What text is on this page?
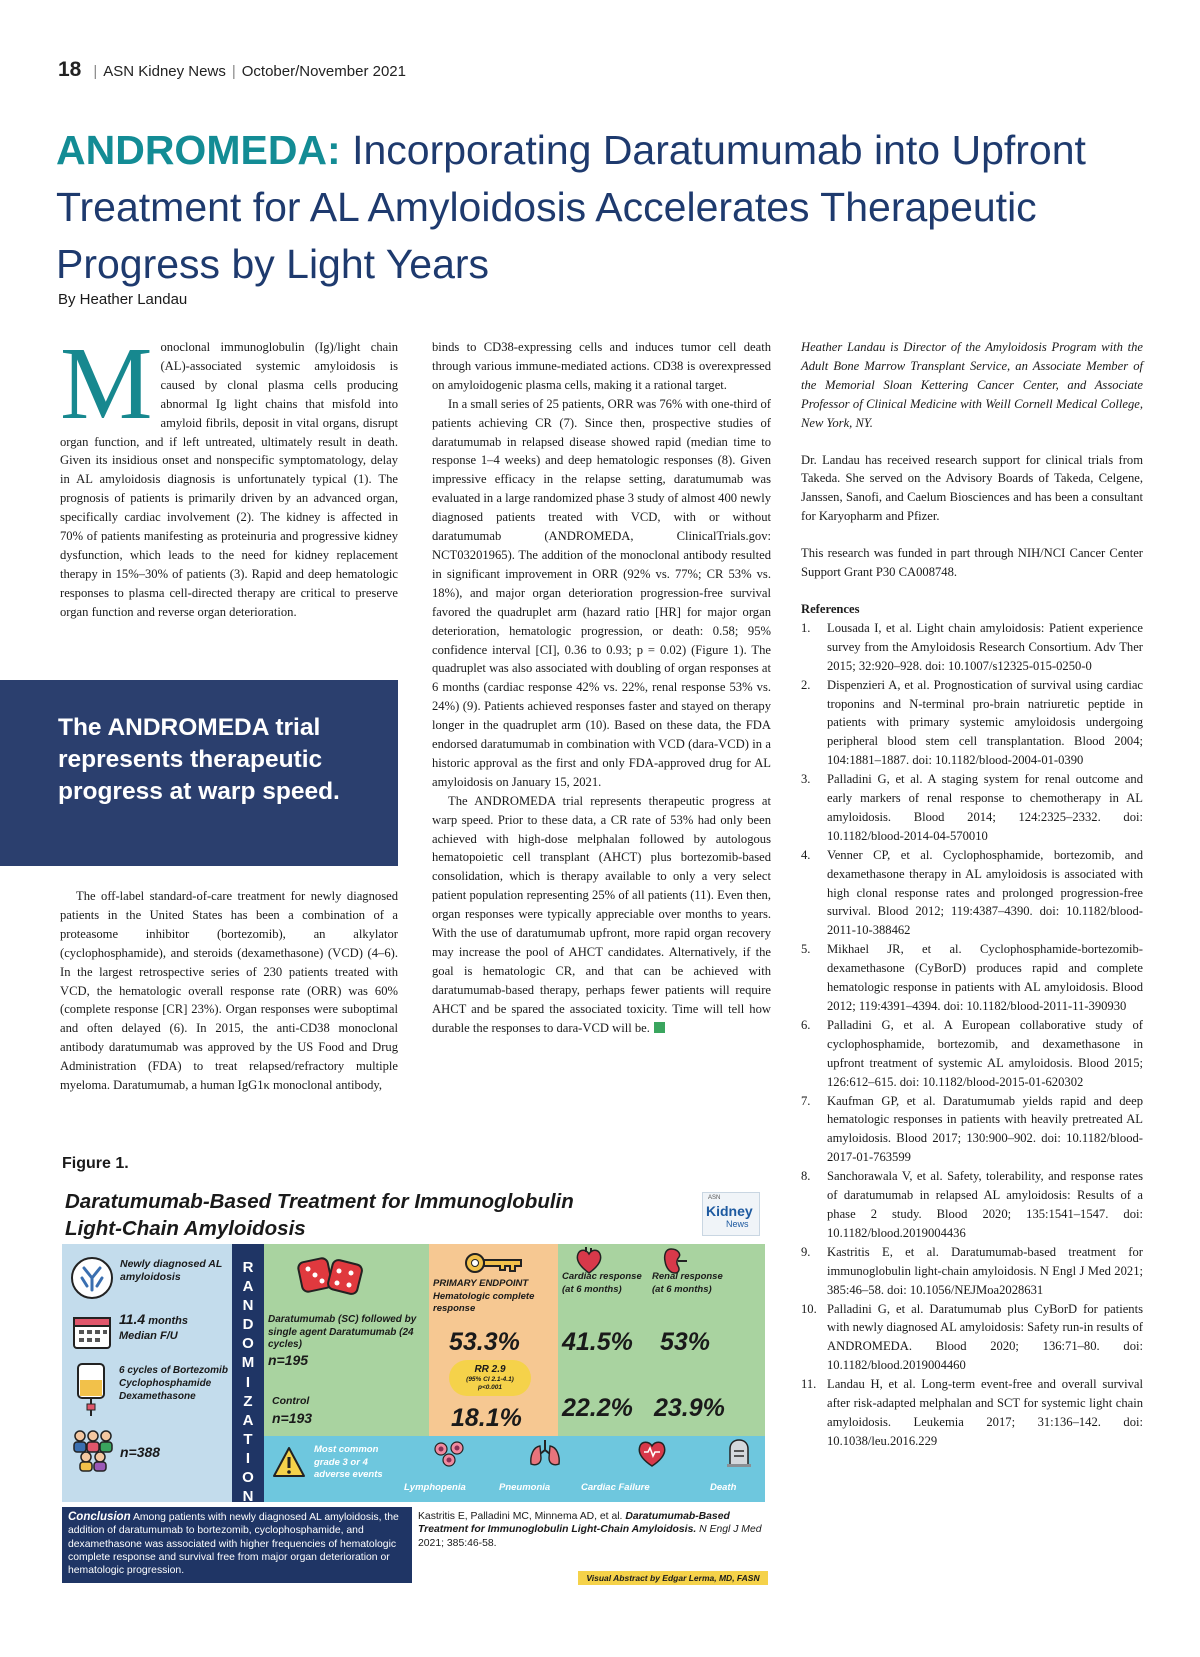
18 | ASN Kidney News | October/November 2021
ANDROMEDA: Incorporating Daratumumab into Upfront Treatment for AL Amyloidosis Accelerates Therapeutic Progress by Light Years
By Heather Landau

Monoclonal immunoglobulin (Ig)/light chain (AL)-associated systemic amyloidosis is caused by clonal plasma cells producing abnormal Ig light chains that misfold into amyloid fibrils, deposit in vital organs, disrupt organ function, and if left untreated, ultimately result in death. Given its insidious onset and nonspecific symptomatology, delay in AL amyloidosis diagnosis is unfortunately typical (1). The prognosis of patients is primarily driven by an advanced organ, specifically cardiac involvement (2). The kidney is affected in 70% of patients manifesting as proteinuria and progressive kidney dysfunction, which leads to the need for kidney replacement therapy in 15%–30% of patients (3). Rapid and deep hematologic responses to plasma cell-directed therapy are critical to preserve organ function and reverse organ deterioration.

The ANDROMEDA trial represents therapeutic progress at warp speed.

The off-label standard-of-care treatment for newly diagnosed patients in the United States has been a combination of a proteasome inhibitor (bortezomib), an alkylator (cyclophosphamide), and steroids (dexamethasone) (VCD) (4–6). In the largest retrospective series of 230 patients treated with VCD, the hematologic overall response rate (ORR) was 60% (complete response [CR] 23%). Organ responses were suboptimal and often delayed (6). In 2015, the anti-CD38 monoclonal antibody daratumumab was approved by the US Food and Drug Administration (FDA) to treat relapsed/refractory multiple myeloma. Daratumumab, a human IgG1κ monoclonal antibody,

binds to CD38-expressing cells and induces tumor cell death through various immune-mediated actions. CD38 is overexpressed on amyloidogenic plasma cells, making it a rational target.

In a small series of 25 patients, ORR was 76% with one-third of patients achieving CR (7). Since then, prospective studies of daratumumab in relapsed disease showed rapid (median time to response 1–4 weeks) and deep hematologic responses (8). Given impressive efficacy in the relapse setting, daratumumab was evaluated in a large randomized phase 3 study of almost 400 newly diagnosed patients treated with VCD, with or without daratumumab (ANDROMEDA, ClinicalTrials.gov: NCT03201965). The addition of the monoclonal antibody resulted in significant improvement in ORR (92% vs. 77%; CR 53% vs. 18%), and major organ deterioration progression-free survival favored the quadruplet arm (hazard ratio [HR] for major organ deterioration, hematologic progression, or death: 0.58; 95% confidence interval [CI], 0.36 to 0.93; p = 0.02) (Figure 1). The quadruplet was also associated with doubling of organ responses at 6 months (cardiac response 42% vs. 22%, renal response 53% vs. 24%) (9). Patients achieved responses faster and stayed on therapy longer in the quadruplet arm (10). Based on these data, the FDA endorsed daratumumab in combination with VCD (dara-VCD) in a historic approval as the first and only FDA-approved drug for AL amyloidosis on January 15, 2021.

The ANDROMEDA trial represents therapeutic progress at warp speed. Prior to these data, a CR rate of 53% had only been achieved with high-dose melphalan followed by autologous hematopoietic cell transplant (AHCT) plus bortezomib-based consolidation, which is therapy available to only a very select patient population representing 25% of all patients (11). Even then, organ responses were typically appreciable over months to years. With the use of daratumumab upfront, more rapid organ recovery may increase the pool of AHCT candidates. Alternatively, if the goal is hematologic CR, and that can be achieved with daratumumab-based therapy, perhaps fewer patients will require AHCT and be spared the associated toxicity. Time will tell how durable the responses to dara-VCD will be.

Heather Landau is Director of the Amyloidosis Program with the Adult Bone Marrow Transplant Service, an Associate Member of the Memorial Sloan Kettering Cancer Center, and Associate Professor of Clinical Medicine with Weill Cornell Medical College, New York, NY.

Dr. Landau has received research support for clinical trials from Takeda. She served on the Advisory Boards of Takeda, Celgene, Janssen, Sanofi, and Caelum Biosciences and has been a consultant for Karyopharm and Pfizer.

This research was funded in part through NIH/NCI Cancer Center Support Grant P30 CA008748.

References

1. Lousada I, et al. Light chain amyloidosis: Patient experience survey from the Amyloidosis Research Consortium. Adv Ther 2015; 32:920–928. doi: 10.1007/s12325-015-0250-0
2. Dispenzieri A, et al. Prognostication of survival using cardiac troponins and N-terminal pro-brain natriuretic peptide in patients with primary systemic amyloidosis undergoing peripheral blood stem cell transplantation. Blood 2004; 104:1881–1887. doi: 10.1182/blood-2004-01-0390
3. Palladini G, et al. A staging system for renal outcome and early markers of renal response to chemotherapy in AL amyloidosis. Blood 2014; 124:2325–2332. doi: 10.1182/blood-2014-04-570010
4. Venner CP, et al. Cyclophosphamide, bortezomib, and dexamethasone therapy in AL amyloidosis is associated with high clonal response rates and prolonged progression-free survival. Blood 2012; 119:4387–4390. doi: 10.1182/blood-2011-10-388462
5. Mikhael JR, et al. Cyclophosphamide-bortezomib-dexamethasone (CyBorD) produces rapid and complete hematologic response in patients with AL amyloidosis. Blood 2012; 119:4391–4394. doi: 10.1182/blood-2011-11-390930
6. Palladini G, et al. A European collaborative study of cyclophosphamide, bortezomib, and dexamethasone in upfront treatment of systemic AL amyloidosis. Blood 2015; 126:612–615. doi: 10.1182/blood-2015-01-620302
7. Kaufman GP, et al. Daratumumab yields rapid and deep hematologic responses in patients with heavily pretreated AL amyloidosis. Blood 2017; 130:900–902. doi: 10.1182/blood-2017-01-763599
8. Sanchorawala V, et al. Safety, tolerability, and response rates of daratumumab in relapsed AL amyloidosis: Results of a phase 2 study. Blood 2020; 135:1541–1547. doi: 10.1182/blood.2019004436
9. Kastritis E, et al. Daratumumab-based treatment for immunoglobulin light-chain amyloidosis. N Engl J Med 2021; 385:46–58. doi: 10.1056/NEJMoa2028631
10. Palladini G, et al. Daratumumab plus CyBorD for patients with newly diagnosed AL amyloidosis: Safety run-in results of ANDROMEDA. Blood 2020; 136:71–80. doi: 10.1182/blood.2019004460
11. Landau H, et al. Long-term event-free and overall survival after risk-adapted melphalan and SCT for systemic light chain amyloidosis. Leukemia 2017; 31:136–142. doi: 10.1038/leu.2016.229
Figure 1.
Daratumumab-Based Treatment for Immunoglobulin Light-Chain Amyloidosis
ASN
Kidney
News
Newly diagnosed AL amyloidosis
11.4 months
Median F/U
6 cycles of Bortezomib Cyclophosphamide Dexamethasone
n=388
R
A
N
D
O
M
I
Z
A
T
I
O
N
Daratumumab (SC) followed by single agent Daratumumab (24 cycles)
n=195
Control
n=193
PRIMARY ENDPOINT Hematologic complete response
53.3%
RR 2.9
(95% CI 2.1-4.1)
p<0.001
18.1%
Cardiac response (at 6 months)
Renal response (at 6 months)
41.5% 53%
22.2% 23.9%
Most common grade 3 or 4 adverse events
Lymphopenia	Pneumonia	Cardiac Failure	Death
Conclusion Among patients with newly diagnosed AL amyloidosis, the addition of daratumumab to bortezomib, cyclophosphamide, and dexamethasone was associated with higher frequencies of hematologic complete response and survival free from major organ deterioration or hematologic progression.
Kastritis E, Palladini MC, Minnema AD, et al. Daratumumab-Based Treatment for Immunoglobulin Light-Chain Amyloidosis. N Engl J Med 2021; 385:46-58.
Visual Abstract by Edgar Lerma, MD, FASN
